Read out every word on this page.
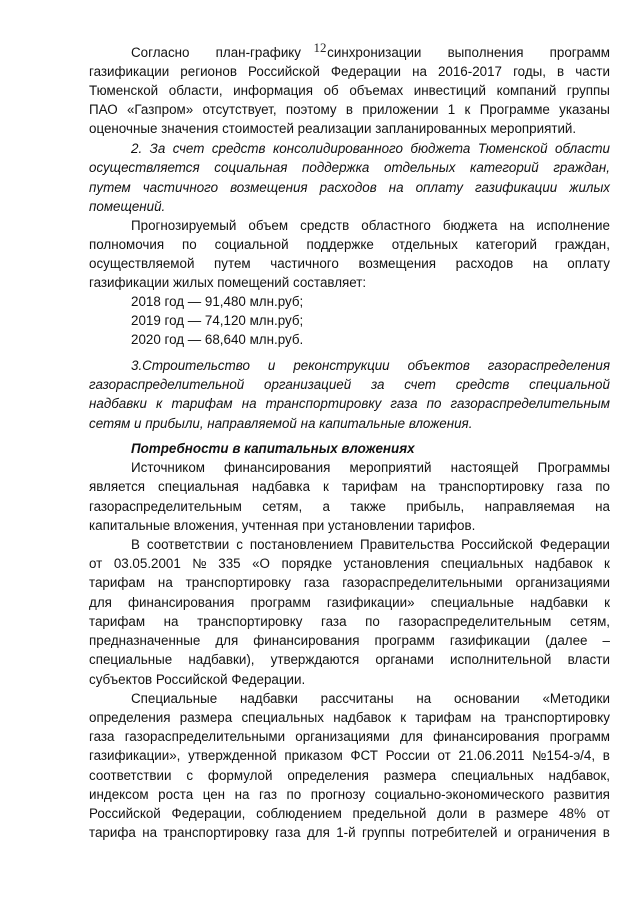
12
Согласно план-графику синхронизации выполнения программ
газификации регионов Российской Федерации на 2016-2017 годы, в части
Тюменской области, информация об объемах инвестиций компаний группы
ПАО «Газпром» отсутствует, поэтому в приложении 1 к Программе указаны
оценочные значения стоимостей реализации запланированных мероприятий.
2. За счет средств консолидированного бюджета Тюменской области
осуществляется социальная поддержка отдельных категорий граждан,
путем частичного возмещения расходов на оплату газификации жилых
помещений.
Прогнозируемый объем средств областного бюджета на исполнение
полномочия по социальной поддержке отдельных категорий граждан,
осуществляемой путем частичного возмещения расходов на оплату
газификации жилых помещений составляет:
2018 год — 91,480 млн.руб;
2019 год — 74,120 млн.руб;
2020 год — 68,640 млн.руб.
3.Строительство и реконструкции объектов газораспределения
газораспределительной организацией за счет средств специальной
надбавки к тарифам на транспортировку газа по газораспределительным
сетям и прибыли, направляемой на капитальные вложения.
Потребности в капитальных вложениях
Источником финансирования мероприятий настоящей Программы
является специальная надбавка к тарифам на транспортировку газа по
газораспределительным сетям, а также прибыль, направляемая на
капитальные вложения, учтенная при установлении тарифов.
В соответствии с постановлением Правительства Российской Федерации
от 03.05.2001 № 335 «О порядке установления специальных надбавок к
тарифам на транспортировку газа газораспределительными организациями
для финансирования программ газификации» специальные надбавки к
тарифам на транспортировку газа по газораспределительным сетям,
предназначенные для финансирования программ газификации (далее –
специальные надбавки), утверждаются органами исполнительной власти
субъектов Российской Федерации.
Специальные надбавки рассчитаны на основании «Методики
определения размера специальных надбавок к тарифам на транспортировку
газа газораспределительными организациями для финансирования программ
газификации», утвержденной приказом ФСТ России от 21.06.2011 №154-э/4, в
соответствии с формулой определения размера специальных надбавок,
индексом роста цен на газ по прогнозу социально-экономического развития
Российской Федерации, соблюдением предельной доли в размере 48% от
тарифа на транспортировку газа для 1-й группы потребителей и ограничения в
